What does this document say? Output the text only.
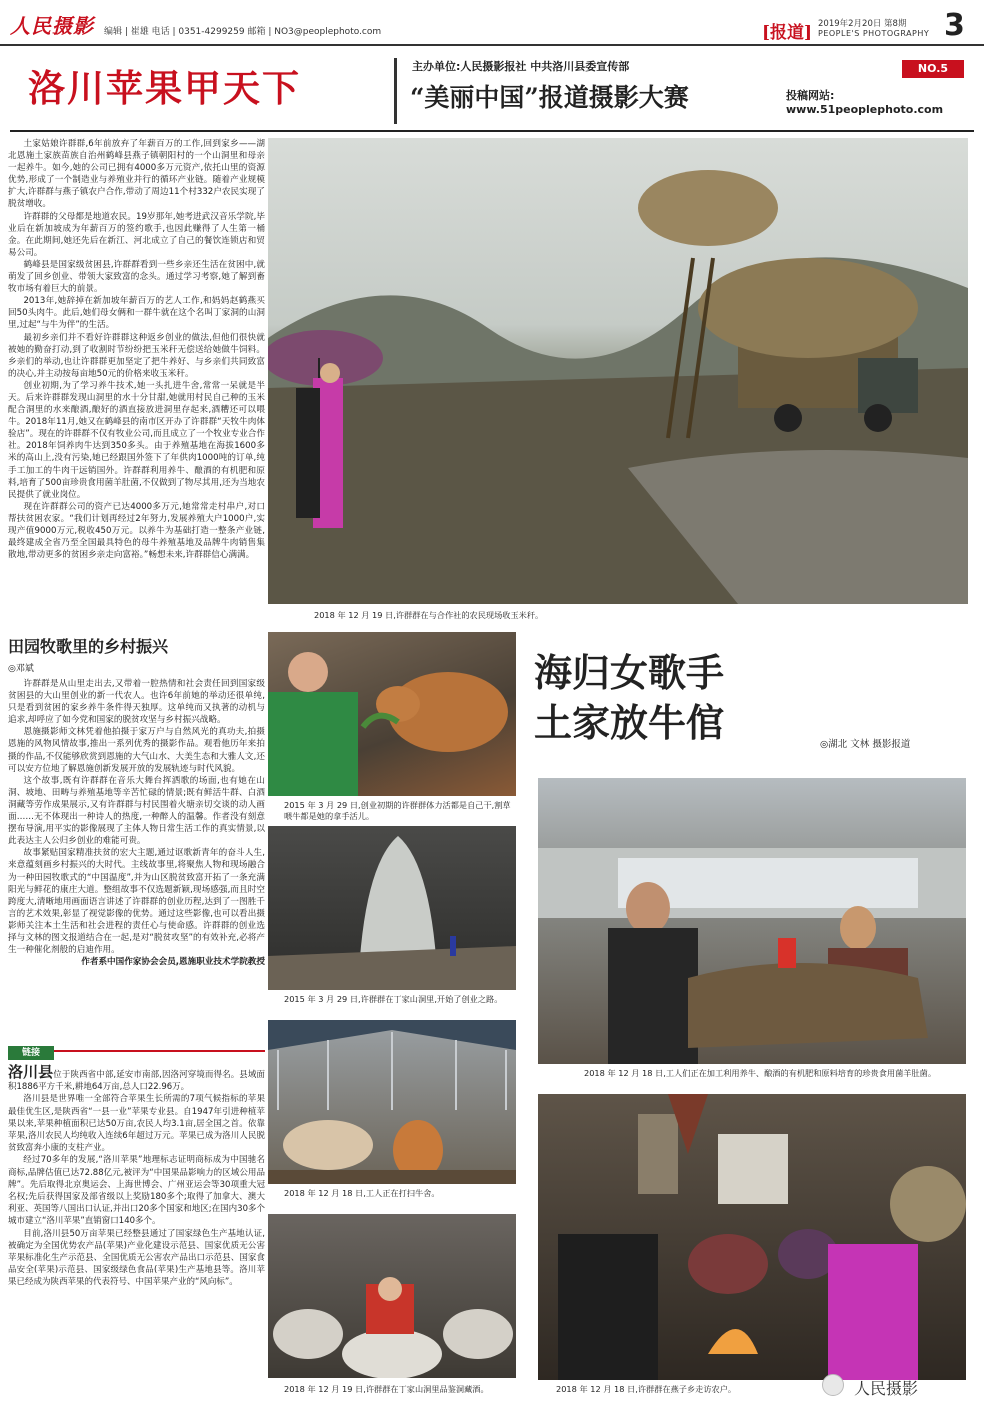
人民摄影 编辑 | 崔雄 电话 | 0351-4299259 邮箱 | NO3@peoplephoto.com	[报道] 2019年2月20日 第8期
PEOPLE'S PHOTOGRAPHY 3
洛川苹果甲天下	主办单位:人民摄影报社 中共洛川县委宣传部
“美丽中国”报道摄影大赛
NO.5
投稿网站:
www.51peoplephoto.com

土家姑娘许群群,6年前放弃了年薪百万的工作,回到家乡——湖北恩施土家族苗族自治州鹤峰县燕子镇朝阳村的一个山洞里和母亲一起养牛。如今,她的公司已拥有4000多万元资产,依托山里的资源优势,形成了一个制造业与养殖业并行的循环产业链。随着产业规模扩大,许群群与燕子镇农户合作,带动了周边11个村332户农民实现了脱贫增收。

许群群的父母都是地道农民。19岁那年,她考进武汉音乐学院,毕业后在新加坡成为年薪百万的签约歌手,也因此赚得了人生第一桶金。在此期间,她还先后在新江、河北成立了自己的餐饮连锁店和贸易公司。

鹤峰县是国家级贫困县,许群群看到一些乡亲还生活在贫困中,就萌发了回乡创业、带领大家致富的念头。通过学习考察,她了解到畜牧市场有着巨大的前景。

2013年,她辞掉在新加坡年薪百万的艺人工作,和妈妈赵鹤燕买回50头肉牛。此后,她们母女俩和一群牛就在这个名叫丁家洞的山洞里,过起“与牛为伴”的生活。

最初乡亲们并不看好许群群这种返乡创业的做法,但他们很快就被她的勤奋打动,到了收割时节纷纷把玉米秆无偿送给她做牛饲料。乡亲们的举动,也让许群群更加坚定了把牛养好、与乡亲们共同致富的决心,并主动按每亩地50元的价格来收玉米秆。

创业初期,为了学习养牛技术,她一头扎进牛舍,常常一呆就是半天。后来许群群发现山洞里的水十分甘甜,她就用村民自己种的玉米配合洞里的水来酿酒,酿好的酒直接放进洞里存起来,酒糟还可以喂牛。2018年11月,她又在鹤峰县的南市区开办了许群群“天牧牛肉体验店”。现在的许群群不仅有牧业公司,而且成立了一个牧业专业合作社。2018年饲养肉牛达到350多头。由于养殖基地在海拔1600多米的高山上,没有污染,她已经跟国外签下了年供肉1000吨的订单,纯手工加工的牛肉干远销国外。许群群利用养牛、酿酒的有机肥和原料,培育了500亩珍贵食用菌羊肚菌,不仅做到了物尽其用,还为当地农民提供了就业岗位。

现在许群群公司的资产已达4000多万元,她常常走村串户,对口帮扶贫困农家。“我们计划再经过2年努力,发展养殖大户1000户,实现产值9000万元,税收450万元。以养牛为基础打造一整条产业链,最终建成全省乃至全国最具特色的母牛养殖基地及品牌牛肉销售集散地,带动更多的贫困乡亲走向富裕。”畅想未来,许群群信心满满。

2018 年 12 月 19 日,许群群在与合作社的农民现场收玉米秆。
田园牧歌里的乡村振兴
◎邓斌

许群群是从山里走出去,又带着一腔热情和社会责任回到国家级贫困县的大山里创业的新一代农人。也许6年前她的举动还很单纯,只是看到贫困的家乡养牛条件得天独厚。这单纯而又执著的动机与追求,却呼应了如今党和国家的脱贫攻坚与乡村振兴战略。

恩施摄影师文林凭着他拍摄于家万户与自然风光的真功夫,拍摄恩施的风物风情故事,推出一系列优秀的摄影作品。观看他历年来拍摄的作品,不仅能够欣赏到恩施的大气山水、大美生态和大雅人文,还可以安方位地了解恩施创新发展开放的发展轨迹与时代风貌。

这个故事,既有许群群在音乐大舞台挥洒歌的场面,也有她在山洞、坡地、田畴与养殖基地等辛苦忙碌的情景;既有鲜活牛群、白酒洞藏等劳作成果展示,又有许群群与村民围着火塘亲切交谈的动人画面……无不体现出一种诗人的热度,一种醉人的温馨。作者没有刻意摆布导演,用平实的影像展现了主体人物日常生活工作的真实情景,以此表达主人公归乡创业的难能可贵。

故事紧贴国家精准扶贫的宏大主题,通过讴歌新青年的奋斗人生,来意蕴刻画乡村振兴的大时代。主线故事里,将聚焦人物和现场融合为一种田园牧歌式的“中国温度”,并为山区脱贫致富开拓了一条充满阳光与鲜花的康庄大道。整组故事不仅选题新颖,现场感强,而且时空跨度大,清晰地用画面语言讲述了许群群的创业历程,达到了一图胜千言的艺术效果,彰显了视觉影像的优势。通过这些影像,也可以看出摄影师关注本土生活和社会进程的责任心与使命感。许群群的创业选择与文林的图文报道结合在一起,是对“脱贫攻坚”的有效补充,必将产生一种催化剂般的启迪作用。

作者系中国作家协会会员,恩施职业技术学院教授

洛川县位于陕西省中部,延安市南部,因洛河穿境而得名。县域面积1886平方千米,耕地64万亩,总人口22.96万。

洛川县是世界唯一全部符合苹果生长所需的7项气候指标的苹果最佳优生区,是陕西省“一县一业”苹果专业县。自1947年引进种植苹果以来,苹果种植面积已达50万亩,农民人均3.1亩,居全国之首。依靠苹果,洛川农民人均纯收入连续6年超过万元。苹果已成为洛川人民脱贫致富奔小康的支柱产业。

经过70多年的发展,“洛川苹果”地理标志证明商标成为中国驰名商标,品牌估值已达72.88亿元,被评为“中国果品影响力的区域公用品牌”。先后取得北京奥运会、上海世博会、广州亚运会等30项重大冠名权;先后获得国家及部省级以上奖励180多个;取得了加拿大、澳大利亚、英国等八国出口认证,并出口20多个国家和地区;在国内30多个城市建立“洛川苹果”直销窗口140多个。

目前,洛川县50万亩苹果已经整县通过了国家绿色生产基地认证,被确定为全国优势农产品(苹果)产业化建设示范县、国家优质无公害苹果标准化生产示范县、全国优质无公害农产品出口示范县、国家食品安全(苹果)示范县、国家级绿色食品(苹果)生产基地县等。洛川苹果已经成为陕西苹果的代表符号、中国苹果产业的“风向标”。

链接
2015 年 3 月 29 日,创业初期的许群群体力活都是自己干,割草喂牛都是她的拿手活儿。
2015 年 3 月 29 日,许群群在丁家山洞里,开始了创业之路。
2018 年 12 月 18 日,工人正在打扫牛舍。
2018 年 12 月 19 日,许群群在丁家山洞里品鉴洞藏酒。
海归女歌手
土家放牛倌	◎湖北 文林 摄影报道
2018 年 12 月 18 日,工人们正在加工利用养牛、酿酒的有机肥和原料培育的珍贵食用菌羊肚菌。
2018 年 12 月 18 日,许群群在燕子乡走访农户。	人民摄影
